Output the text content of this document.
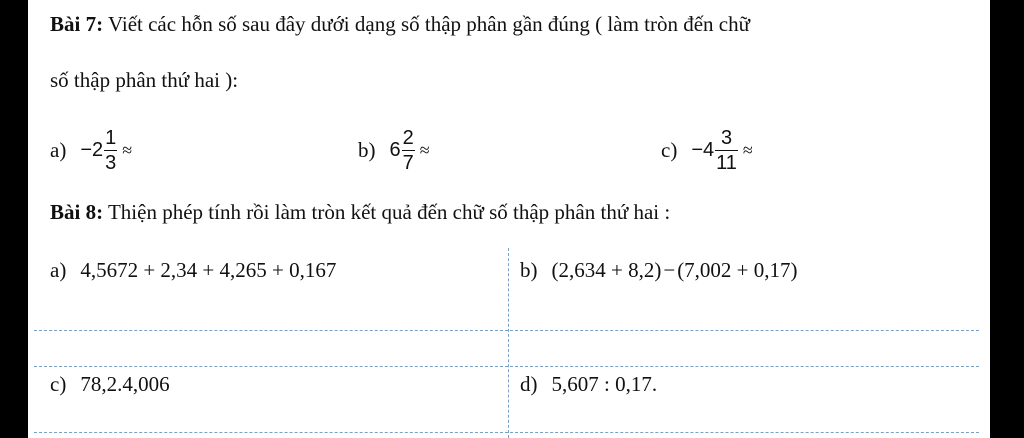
Bài 7: Viết các hỗn số sau đây dưới dạng số thập phân gần đúng ( làm tròn đến chữ
số thập phân thứ hai ):
$a) - 2 \frac{1}{3}$ ≈	b) $6 \frac{2}{7}$ ≈	$c) - 4 \frac{3}{11}$ ≈
Bài 8: Thiện phép tính rồi làm tròn kết quả đến chữ số thập phân thứ hai :
a) 4,5672 + 2,34 + 4,265 + 0,167	b) (2,634 + 8,2) − (7,002 + 0,17)
c) 78,2.4,006	d) 5,607 : 0,17.
